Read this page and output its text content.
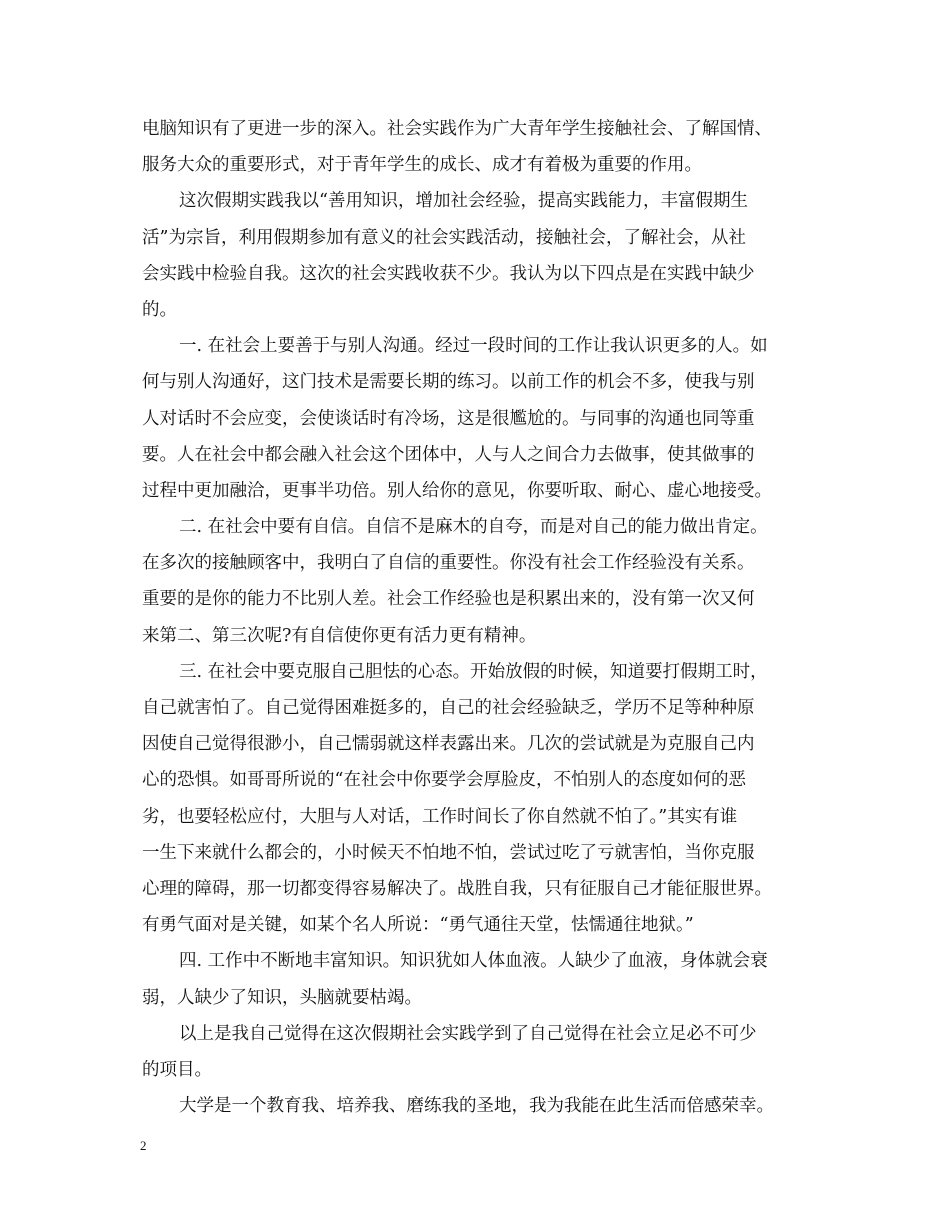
电脑知识有了更进一步的深入。社会实践作为广大青年学生接触社会、了解国情、
服务大众的重要形式，对于青年学生的成长、成才有着极为重要的作用。
这次假期实践我以“善用知识，增加社会经验，提高实践能力，丰富假期生
活”为宗旨，利用假期参加有意义的社会实践活动，接触社会，了解社会，从社
会实践中检验自我。这次的社会实践收获不少。我认为以下四点是在实践中缺少
的。
一. 在社会上要善于与别人沟通。经过一段时间的工作让我认识更多的人。如
何与别人沟通好，这门技术是需要长期的练习。以前工作的机会不多，使我与别
人对话时不会应变，会使谈话时有冷场，这是很尷尬的。与同事的沟通也同等重
要。人在社会中都会融入社会这个团体中，人与人之间合力去做事，使其做事的
过程中更加融洽，更事半功倍。别人给你的意见，你要听取、耐心、虚心地接受。
二. 在社会中要有自信。自信不是麻木的自夸，而是对自己的能力做出肯定。
在多次的接触顾客中，我明白了自信的重要性。你没有社会工作经验没有关系。
重要的是你的能力不比别人差。社会工作经验也是积累出来的，没有第一次又何
来第二、第三次呢?有自信使你更有活力更有精神。
三. 在社会中要克服自己胆怯的心态。开始放假的时候，知道要打假期工时，
自己就害怕了。自己觉得困难挺多的，自己的社会经验缺乏，学历不足等种种原
因使自己觉得很渺小，自己懦弱就这样表露出来。几次的尝试就是为克服自己内
心的恐惧。如哥哥所说的“在社会中你要学会厚脸皮，不怕别人的态度如何的恶
劣，也要轻松应付，大胆与人对话，工作时间长了你自然就不怕了。”其实有谁
一生下来就什么都会的，小时候天不怕地不怕，尝试过吃了亏就害怕，当你克服
心理的障碍，那一切都变得容易解决了。战胜自我，只有征服自己才能征服世界。
有勇气面对是关键，如某个名人所说：“勇气通往天堂，怯懦通往地狱。”
四. 工作中不断地丰富知识。知识犹如人体血液。人缺少了血液，身体就会衰
弱，人缺少了知识，头脑就要枯竭。
以上是我自己觉得在这次假期社会实践学到了自己觉得在社会立足必不可少
的项目。
大学是一个教育我、培养我、磨练我的圣地，我为我能在此生活而倍感荣幸。
2
